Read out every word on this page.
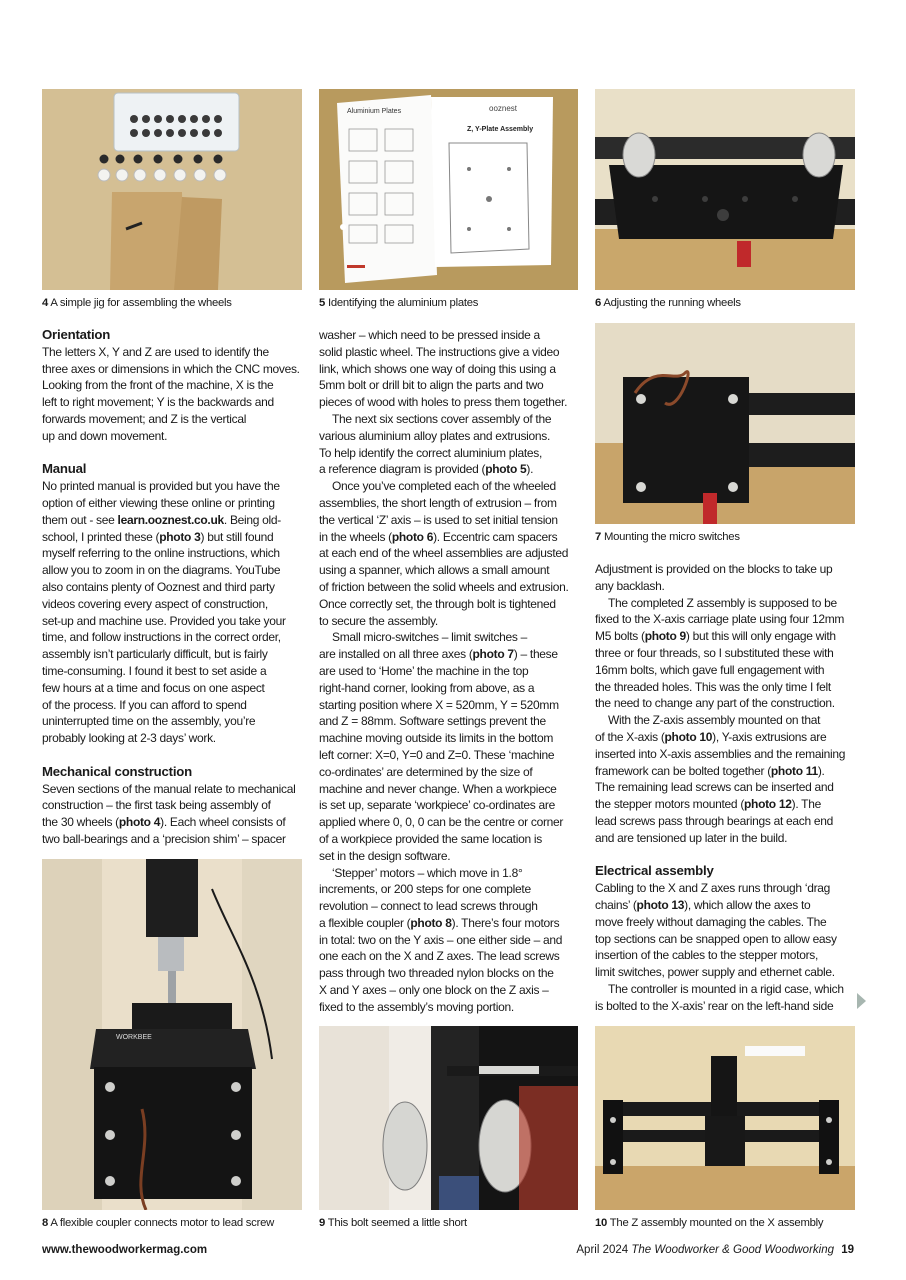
Aluminium Plates	ooznest
Z, Y-Plate Assembly
WORKBEE
4 A simple jig for assembling the wheels	5 Identifying the aluminium plates	6 Adjusting the running wheels
7 Mounting the micro switches
8 A flexible coupler connects motor to lead screw	9 This bolt seemed a little short	10 The Z assembly mounted on the X assembly
Orientation
The letters X, Y and Z are used to identify the
three axes or dimensions in which the CNC moves.
Looking from the front of the machine, X is the
left to right movement; Y is the backwards and
forwards movement; and Z is the vertical
up and down movement.
Manual
No printed manual is provided but you have the
option of either viewing these online or printing
them out - see learn.ooznest.co.uk. Being old-
school, I printed these (photo 3) but still found
myself referring to the online instructions, which
allow you to zoom in on the diagrams. YouTube
also contains plenty of Ooznest and third party
videos covering every aspect of construction,
set-up and machine use. Provided you take your
time, and follow instructions in the correct order,
assembly isn’t particularly difficult, but is fairly
time-consuming. I found it best to set aside a
few hours at a time and focus on one aspect
of the process. If you can afford to spend
uninterrupted time on the assembly, you’re
probably looking at 2-3 days’ work.
Mechanical construction
Seven sections of the manual relate to mechanical
construction – the first task being assembly of
the 30 wheels (photo 4). Each wheel consists of
two ball-bearings and a ‘precision shim’ – spacer
washer – which need to be pressed inside a
solid plastic wheel. The instructions give a video
link, which shows one way of doing this using a
5mm bolt or drill bit to align the parts and two
pieces of wood with holes to press them together.
The next six sections cover assembly of the
various aluminium alloy plates and extrusions.
To help identify the correct aluminium plates,
a reference diagram is provided (photo 5).
Once you’ve completed each of the wheeled
assemblies, the short length of extrusion – from
the vertical ‘Z’ axis – is used to set initial tension
in the wheels (photo 6). Eccentric cam spacers
at each end of the wheel assemblies are adjusted
using a spanner, which allows a small amount
of friction between the solid wheels and extrusion.
Once correctly set, the through bolt is tightened
to secure the assembly.
Small micro-switches – limit switches –
are installed on all three axes (photo 7) – these
are used to ‘Home’ the machine in the top
right-hand corner, looking from above, as a
starting position where X = 520mm, Y = 520mm
and Z = 88mm. Software settings prevent the
machine moving outside its limits in the bottom
left corner: X=0, Y=0 and Z=0. These ‘machine
co-ordinates’ are determined by the size of
machine and never change. When a workpiece
is set up, separate ‘workpiece’ co-ordinates are
applied where 0, 0, 0 can be the centre or corner
of a workpiece provided the same location is
set in the design software.
‘Stepper’ motors – which move in 1.8°
increments, or 200 steps for one complete
revolution – connect to lead screws through
a flexible coupler (photo 8). There’s four motors
in total: two on the Y axis – one either side – and
one each on the X and Z axes. The lead screws
pass through two threaded nylon blocks on the
X and Y axes – only one block on the Z axis –
fixed to the assembly’s moving portion.
Adjustment is provided on the blocks to take up
any backlash.
The completed Z assembly is supposed to be
fixed to the X-axis carriage plate using four 12mm
M5 bolts (photo 9) but this will only engage with
three or four threads, so I substituted these with
16mm bolts, which gave full engagement with
the threaded holes. This was the only time I felt
the need to change any part of the construction.
With the Z-axis assembly mounted on that
of the X-axis (photo 10), Y-axis extrusions are
inserted into X-axis assemblies and the remaining
framework can be bolted together (photo 11).
The remaining lead screws can be inserted and
the stepper motors mounted (photo 12). The
lead screws pass through bearings at each end
and are tensioned up later in the build.
Electrical assembly
Cabling to the X and Z axes runs through ‘drag
chains’ (photo 13), which allow the axes to
move freely without damaging the cables. The
top sections can be snapped open to allow easy
insertion of the cables to the stepper motors,
limit switches, power supply and ethernet cable.
The controller is mounted in a rigid case, which
is bolted to the X-axis’ rear on the left-hand side
www.thewoodworkermag.com	April 2024 The Woodworker & Good Woodworking 19
